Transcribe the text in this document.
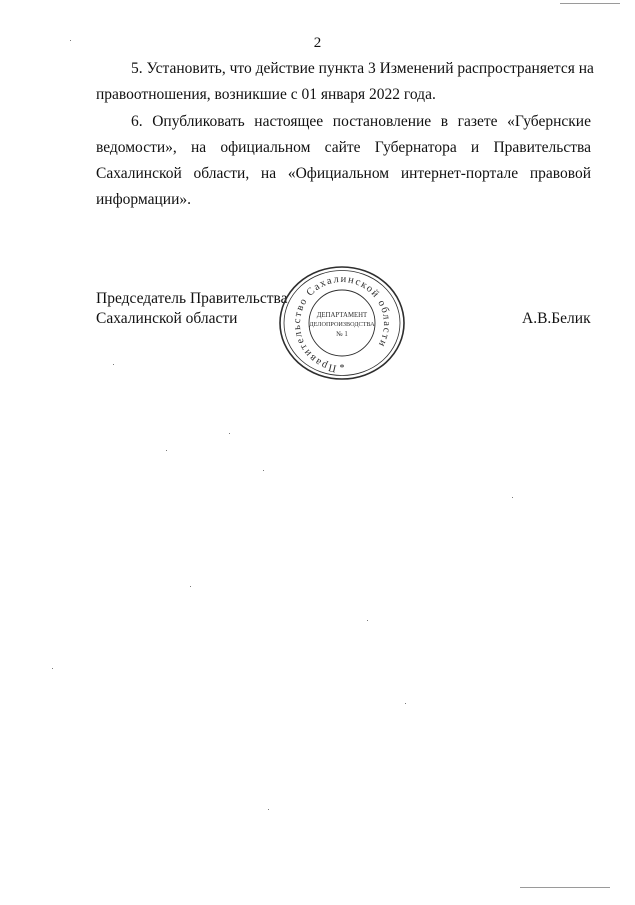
2

5. Установить, что действие пункта 3 Изменений распространяется на
правоотношения, возникшие с 01 января 2022 года.

6. Опубликовать настоящее постановление в газете «Губернские
ведомости», на официальном сайте Губернатора и Правительства
Сахалинской области, на «Официальном интернет-портале правовой
информации».

Председатель Правительства
Сахалинской области
Правительство Сахалинской области
*
ДЕПАРТАМЕНТ
ДЕЛОПРОИЗВОДСТВА
№ 1
А.В.Белик
